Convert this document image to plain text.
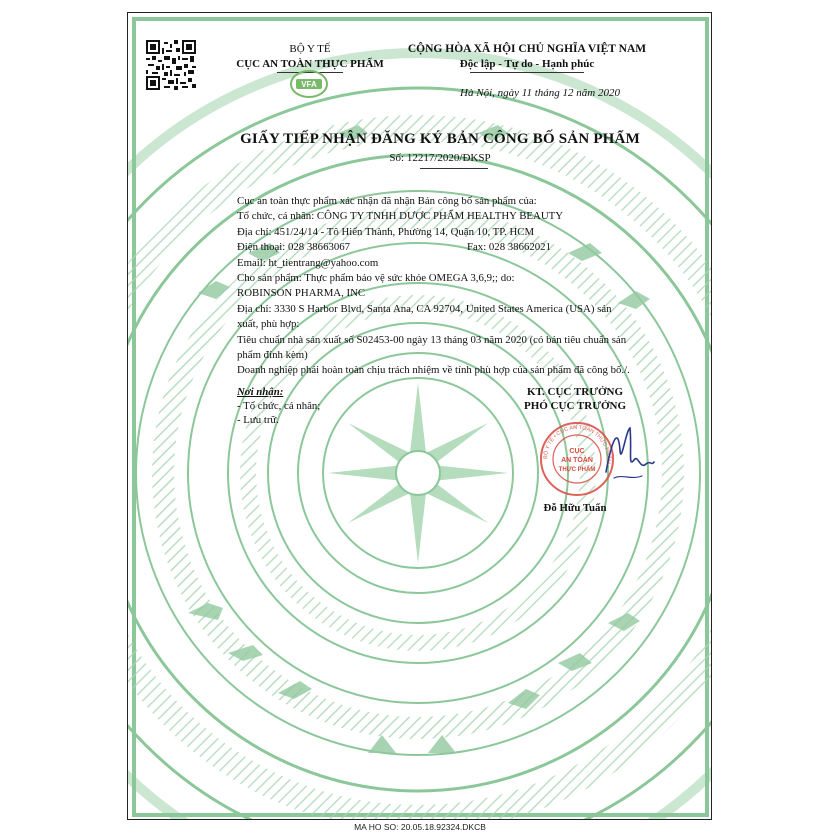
BỘ Y TẾ
CỤC AN TOÀN THỰC PHẨM
VFA
CỘNG HÒA XÃ HỘI CHỦ NGHĨA VIỆT NAM
Độc lập - Tự do - Hạnh phúc
Hà Nội, ngày 11 tháng 12 năm 2020
GIẤY TIẾP NHẬN ĐĂNG KÝ BẢN CÔNG BỐ SẢN PHẨM
Số: 12217/2020/ĐKSP
Cục an toàn thực phẩm xác nhận đã nhận Bản công bố sản phẩm của:
Tổ chức, cá nhân: CÔNG TY TNHH DƯỢC PHẨM HEALTHY BEAUTY
Địa chỉ: 451/24/14 - Tô Hiến Thành, Phường 14, Quận 10, TP. HCM
Điện thoại: 028 38663067	Fax: 028 38662021
Email: ht_tientrang@yahoo.com
Cho sản phẩm: Thực phẩm bảo vệ sức khỏe OMEGA 3,6,9;; do:
ROBINSON PHARMA, INC
Địa chỉ: 3330 S Harbor Blvd, Santa Ana, CA 92704, United States America (USA) sản
xuất, phù hợp:
Tiêu chuẩn nhà sản xuất số S02453-00 ngày 13 tháng 03 năm 2020 (có bản tiêu chuẩn sản
phẩm đính kèm)
Doanh nghiệp phải hoàn toàn chịu trách nhiệm về tính phù hợp của sản phẩm đã công bố./.
Nơi nhận:
- Tổ chức, cá nhân;
- Lưu trữ.
KT. CỤC TRƯỞNG
PHÓ CỤC TRƯỞNG
BỘ Y TẾ • CỤC AN TOÀN THỰC PHẨM •
CỤC
AN TOÀN
THỰC PHẨM
Đỗ Hữu Tuấn
MA HO SO: 20.05.18.92324.DKCB
